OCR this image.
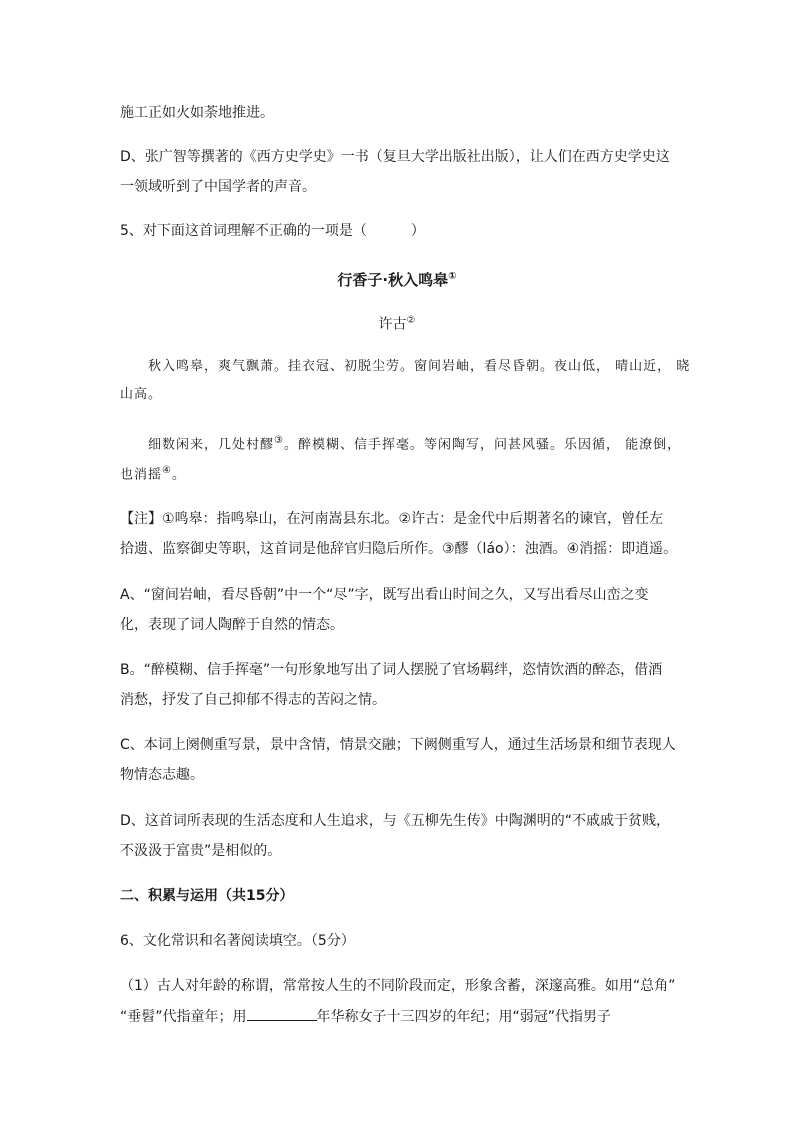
施工正如火如荼地推进。
D、张广智等撰著的《西方史学史》一书（复旦大学出版社出版），让人们在西方史学史这
一领域听到了中国学者的声音。
5、对下面这首词理解不正确的一项是（	）
行香子·秋入鸣皋①
许古②
秋入鸣皋，爽气飘萧。挂衣冠、初脱尘劳。窗间岩岫，看尽昏朝。夜山低， 晴山近， 晓
山高。
细数闲来，几处村醪③。醉模糊、信手挥毫。等闲陶写，问甚风骚。乐因循， 能潦倒，
也消摇④。
【注】①鸣皋：指鸣皋山，在河南嵩县东北。②许古：是金代中后期著名的谏官，曾任左
拾遗、监察御史等职，这首词是他辞官归隐后所作。③醪（láo）：浊酒。④消摇：即逍遥。
A、“窗间岩岫，看尽昏朝”中一个“尽”字，既写出看山时间之久，又写出看尽山峦之变
化，表现了词人陶醉于自然的情态。
B。“醉模糊、信手挥毫”一句形象地写出了词人摆脱了官场羁绊，恣情饮酒的醉态，借酒
消愁，抒发了自己抑郁不得志的苦闷之情。
C、本词上阕侧重写景，景中含情，情景交融；下阙侧重写人，通过生活场景和细节表现人
物情态志趣。
D、这首词所表现的生活态度和人生追求，与《五柳先生传》中陶渊明的“不戚戚于贫贱，
不汲汲于富贵”是相似的。
二、积累与运用（共15分）
6、文化常识和名著阅读填空。（5分）
（1）古人对年龄的称谓，常常按人生的不同阶段而定，形象含蓄，深邃高雅。如用“总角”
“垂髫”代指童年；用	年华称女子十三四岁的年纪；用“弱冠”代指男子
